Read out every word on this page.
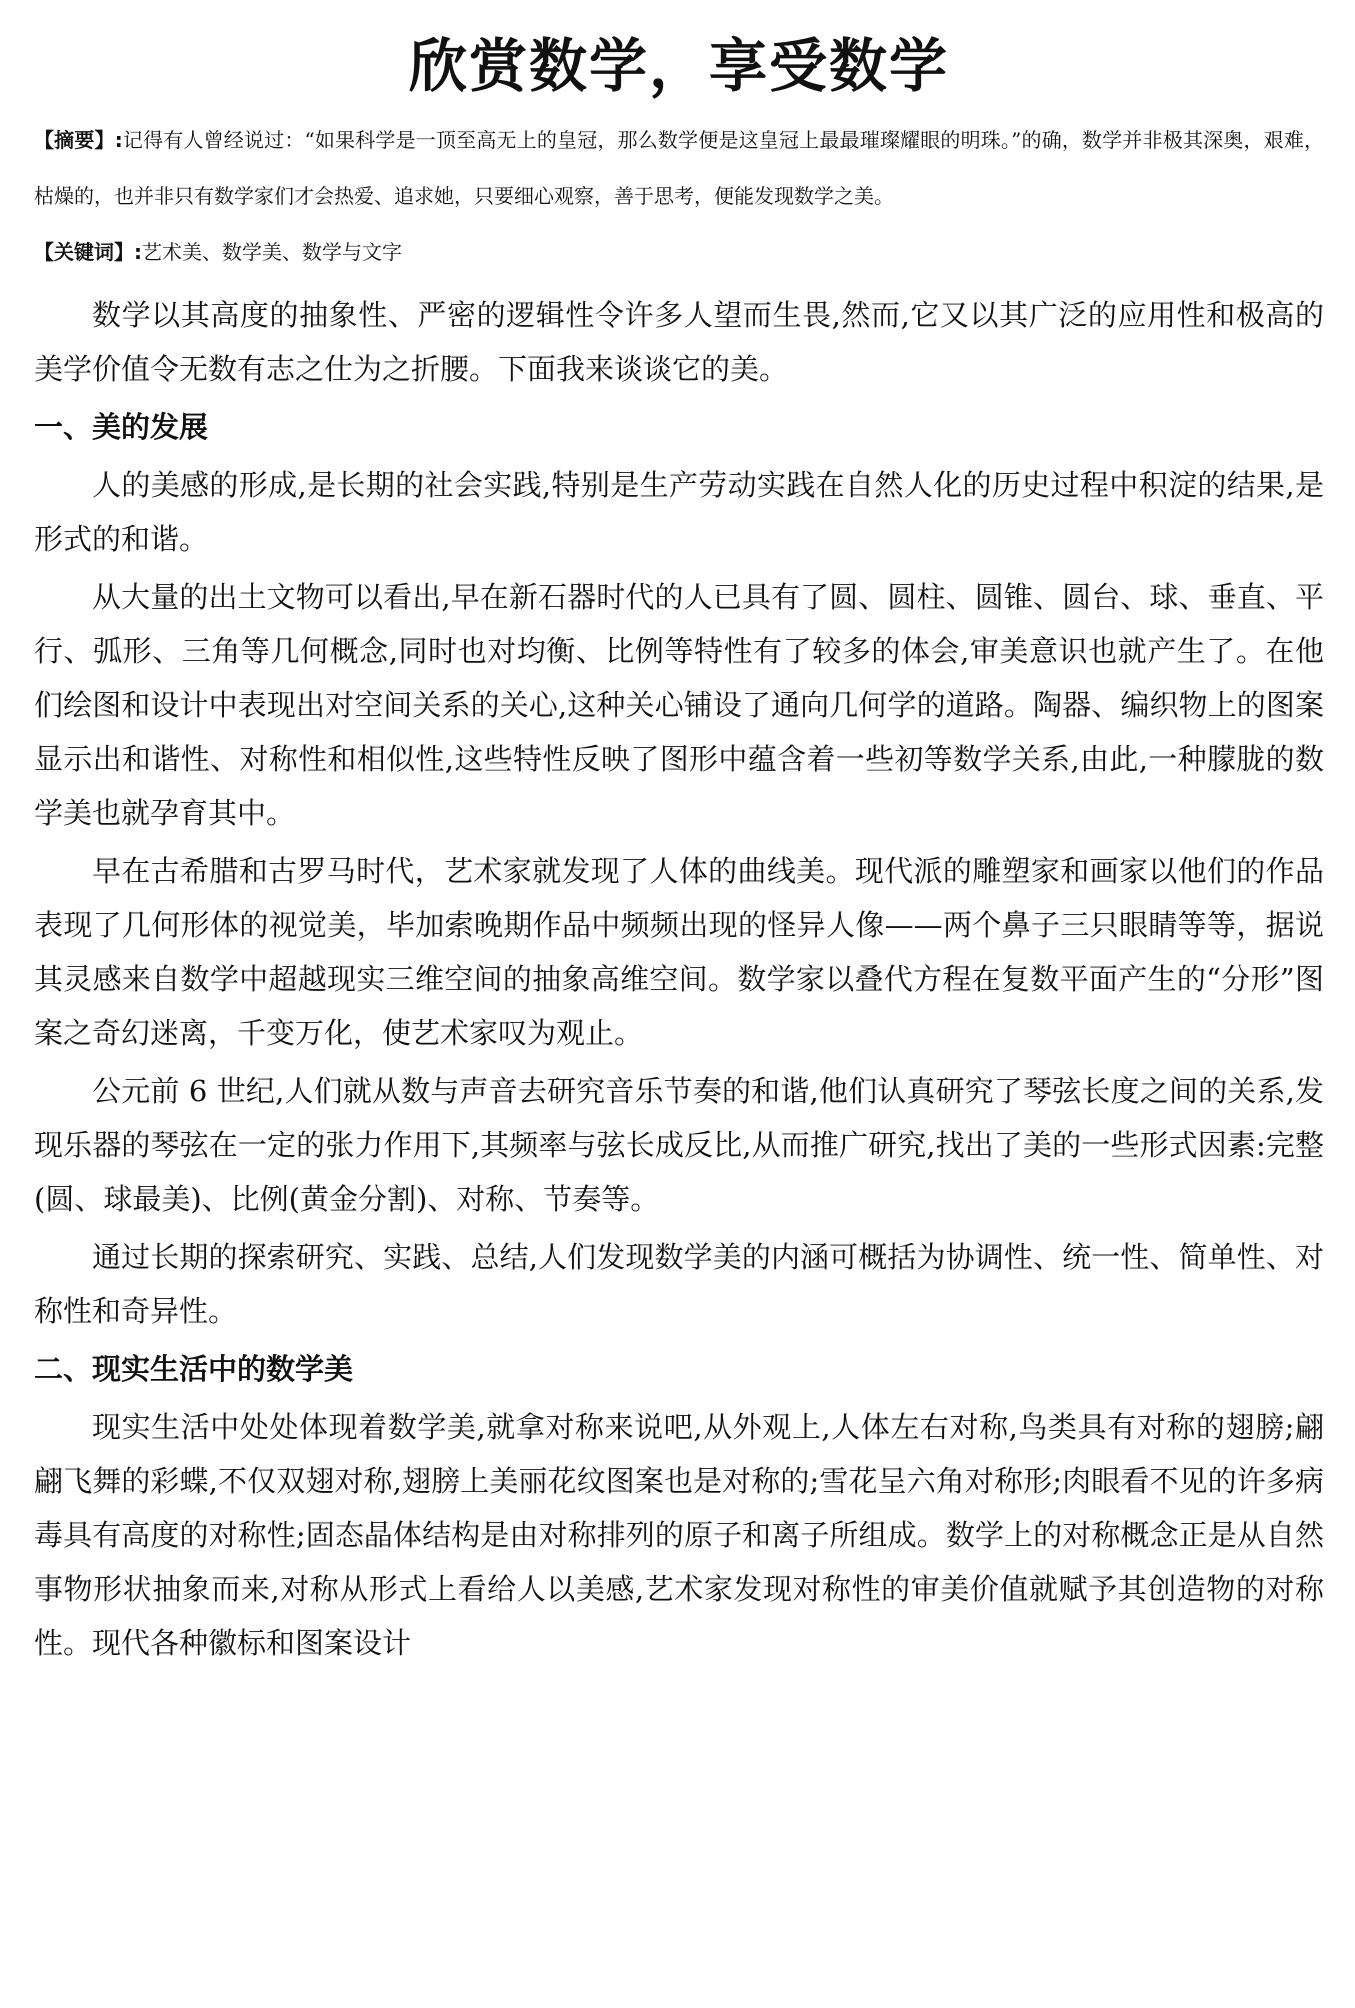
欣赏数学，享受数学

【摘要】:记得有人曾经说过：“如果科学是一顶至高无上的皇冠，那么数学便是这皇冠上最最璀璨耀眼的明珠。”的确，数学并非极其深奥，艰难，枯燥的，也并非只有数学家们才会热爱、追求她，只要细心观察，善于思考，便能发现数学之美。

【关键词】:艺术美、数学美、数学与文字

数学以其高度的抽象性、严密的逻辑性令许多人望而生畏,然而,它又以其广泛的应用性和极高的美学价值令无数有志之仕为之折腰。下面我来谈谈它的美。

一、美的发展

人的美感的形成,是长期的社会实践,特别是生产劳动实践在自然人化的历史过程中积淀的结果,是形式的和谐。

从大量的出土文物可以看出,早在新石器时代的人已具有了圆、圆柱、圆锥、圆台、球、垂直、平行、弧形、三角等几何概念,同时也对均衡、比例等特性有了较多的体会,审美意识也就产生了。在他们绘图和设计中表现出对空间关系的关心,这种关心铺设了通向几何学的道路。陶器、编织物上的图案显示出和谐性、对称性和相似性,这些特性反映了图形中蕴含着一些初等数学关系,由此,一种朦胧的数学美也就孕育其中。

早在古希腊和古罗马时代，艺术家就发现了人体的曲线美。现代派的雕塑家和画家以他们的作品表现了几何形体的视觉美，毕加索晚期作品中频频出现的怪异人像——两个鼻子三只眼睛等等，据说其灵感来自数学中超越现实三维空间的抽象高维空间。数学家以叠代方程在复数平面产生的“分形”图案之奇幻迷离，千变万化，使艺术家叹为观止。

公元前 6 世纪,人们就从数与声音去研究音乐节奏的和谐,他们认真研究了琴弦长度之间的关系,发现乐器的琴弦在一定的张力作用下,其频率与弦长成反比,从而推广研究,找出了美的一些形式因素:完整(圆、球最美)、比例(黄金分割)、对称、节奏等。

通过长期的探索研究、实践、总结,人们发现数学美的内涵可概括为协调性、统一性、简单性、对称性和奇异性。

二、现实生活中的数学美

现实生活中处处体现着数学美,就拿对称来说吧,从外观上,人体左右对称,鸟类具有对称的翅膀;翩翩飞舞的彩蝶,不仅双翅对称,翅膀上美丽花纹图案也是对称的;雪花呈六角对称形;肉眼看不见的许多病毒具有高度的对称性;固态晶体结构是由对称排列的原子和离子所组成。数学上的对称概念正是从自然事物形状抽象而来,对称从形式上看给人以美感,艺术家发现对称性的审美价值就赋予其创造物的对称性。现代各种徽标和图案设计
